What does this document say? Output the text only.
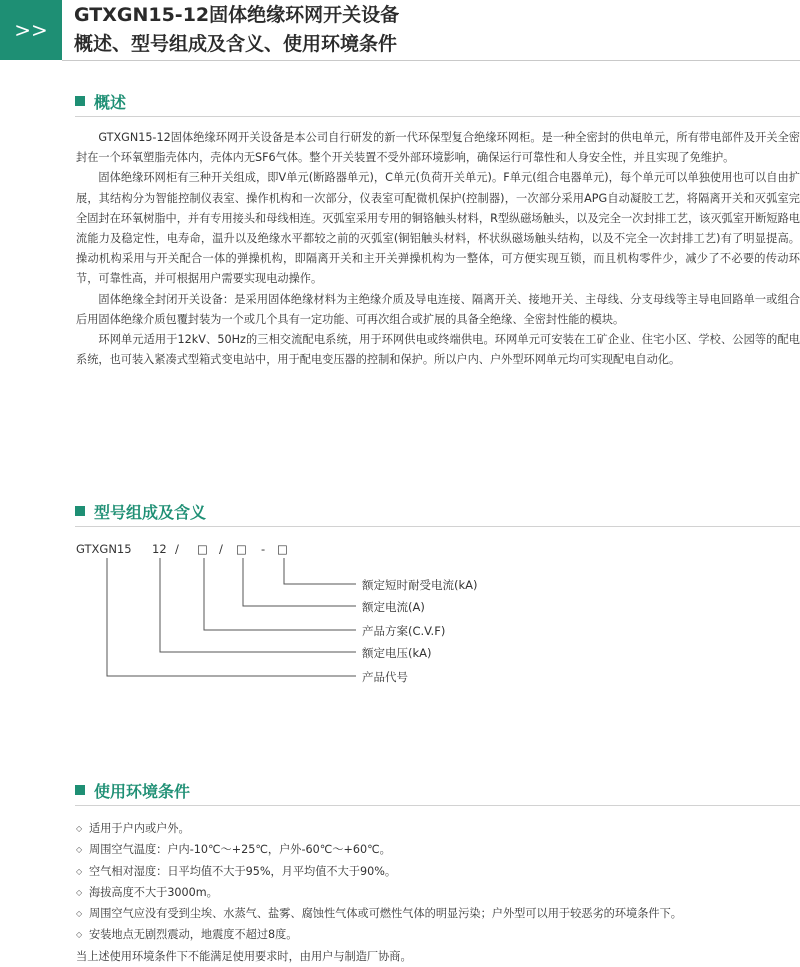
>>
GTXGN15-12固体绝缘环网开关设备
概述、型号组成及含义、使用环境条件
概述

GTXGN15-12固体绝缘环网开关设备是本公司自行研发的新一代环保型复合绝缘环网柜。是一种全密封的供电单元，所有带电部件及开关全密封在一个环氧塑脂壳体内，壳体内无SF6气体。整个开关装置不受外部环境影响，确保运行可靠性和人身安全性，并且实现了免维护。

固体绝缘环网柜有三种开关组成，即V单元(断路器单元)，C单元(负荷开关单元)。F单元(组合电器单元)，每个单元可以单独使用也可以自由扩展，其结构分为智能控制仪表室、操作机构和一次部分，仪表室可配微机保护(控制器)，一次部分采用APG自动凝胶工艺，将隔离开关和灭弧室完全固封在环氧树脂中，并有专用接头和母线相连。灭弧室采用专用的铜铬触头材料，R型纵磁场触头，以及完全一次封排工艺，该灭弧室开断短路电流能力及稳定性，电寿命，温升以及绝缘水平都较之前的灭弧室(铜铝触头材料，杯状纵磁场触头结构，以及不完全一次封排工艺)有了明显提高。操动机构采用与开关配合一体的弹操机构，即隔离开关和主开关弹操机构为一整体，可方便实现互锁，而且机构零件少，减少了不必要的传动环节，可靠性高，并可根据用户需要实现电动操作。

固体绝缘全封闭开关设备：是采用固体绝缘材料为主绝缘介质及导电连接、隔离开关、接地开关、主母线、分支母线等主导电回路单一或组合后用固体绝缘介质包覆封装为一个或几个具有一定功能、可再次组合或扩展的具备全绝缘、全密封性能的模块。

环网单元适用于12kV、50Hz的三相交流配电系统，用于环网供电或终端供电。环网单元可安装在工矿企业、住宅小区、学校、公园等的配电系统，也可装入紧凑式型箱式变电站中，用于配电变压器的控制和保护。所以户内、户外型环网单元均可实现配电自动化。

型号组成及含义
GTXGN15 12 / □ / □ - □
额定短时耐受电流(kA)
额定电流(A)
产品方案(C.V.F)
额定电压(kA)
产品代号
使用环境条件
◇ 适用于户内或户外。
◇ 周围空气温度：户内-10℃～+25℃，户外-60℃～+60℃。
◇ 空气相对湿度：日平均值不大于95%，月平均值不大于90%。
◇ 海拔高度不大于3000m。
◇ 周围空气应没有受到尘埃、水蒸气、盐雾、腐蚀性气体或可燃性气体的明显污染；户外型可以用于较恶劣的环境条件下。
◇ 安装地点无剧烈震动，地震度不超过8度。
当上述使用环境条件下不能满足使用要求时，由用户与制造厂协商。
